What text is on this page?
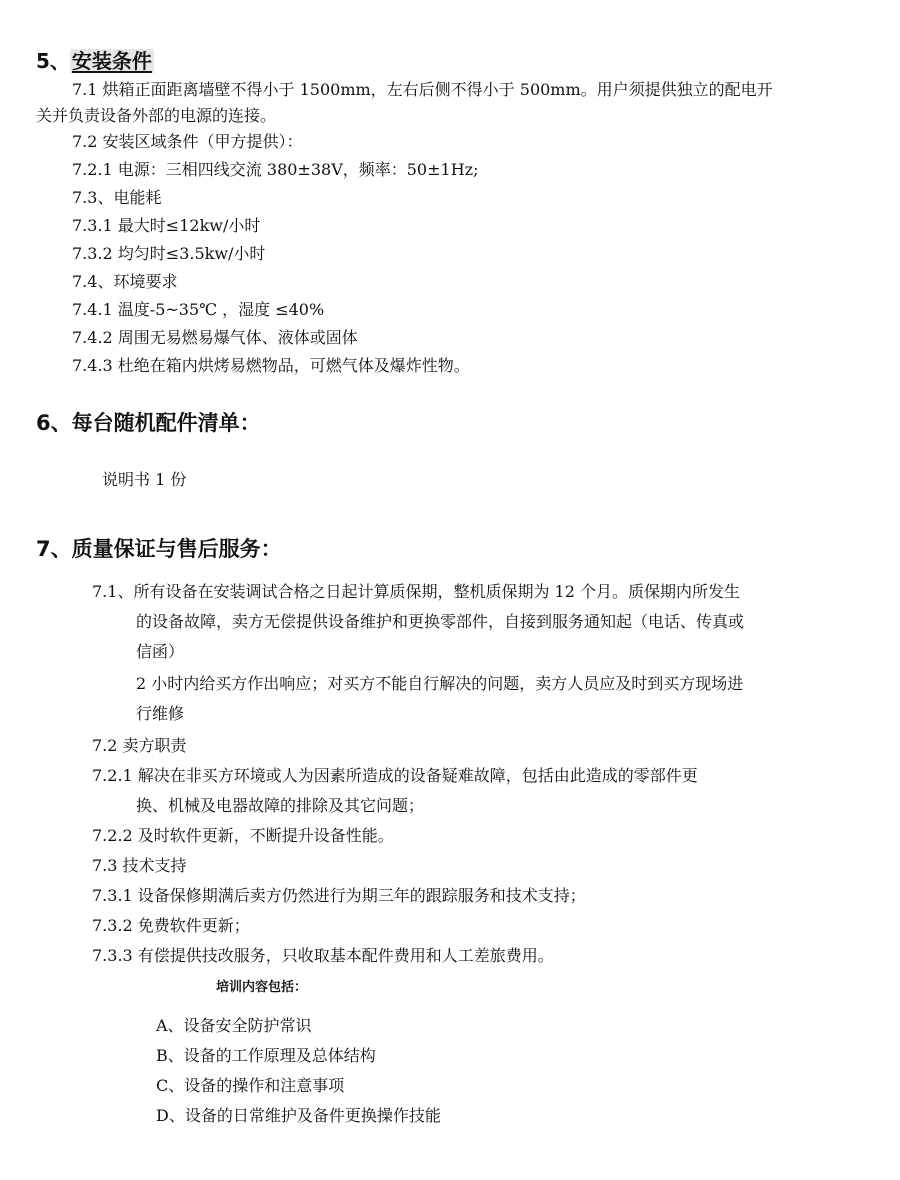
5、 安装条件
7.1 烘箱正面距离墙壁不得小于 1500mm，左右后侧不得小于 500mm。用户须提供独立的配电开
关并负责设备外部的电源的连接。
7.2 安装区域条件（甲方提供）：
7.2.1 电源：三相四线交流 380±38V，频率：50±1Hz;
7.3、电能耗
7.3.1 最大时≤12kw/小时
7.3.2 均匀时≤3.5kw/小时
7.4、环境要求
7.4.1 温度-5~35℃ ，湿度 ≤40%
7.4.2 周围无易燃易爆气体、液体或固体
7.4.3 杜绝在箱内烘烤易燃物品，可燃气体及爆炸性物。
6、每台随机配件清单：
说明书 1 份
7、质量保证与售后服务：
7.1、所有设备在安装调试合格之日起计算质保期，整机质保期为 12 个月。质保期内所发生
的设备故障，卖方无偿提供设备维护和更换零部件，自接到服务通知起（电话、传真或
信函）
2 小时内给买方作出响应；对买方不能自行解决的问题，卖方人员应及时到买方现场进
行维修
7.2 卖方职责
7.2.1 解决在非买方环境或人为因素所造成的设备疑难故障，包括由此造成的零部件更
换、机械及电器故障的排除及其它问题；
7.2.2 及时软件更新，不断提升设备性能。
7.3 技术支持
7.3.1 设备保修期满后卖方仍然进行为期三年的跟踪服务和技术支持；
7.3.2 免费软件更新；
7.3.3 有偿提供技改服务，只收取基本配件费用和人工差旅费用。
培训内容包括：
A、设备安全防护常识
B、设备的工作原理及总体结构
C、设备的操作和注意事项
D、设备的日常维护及备件更换操作技能
